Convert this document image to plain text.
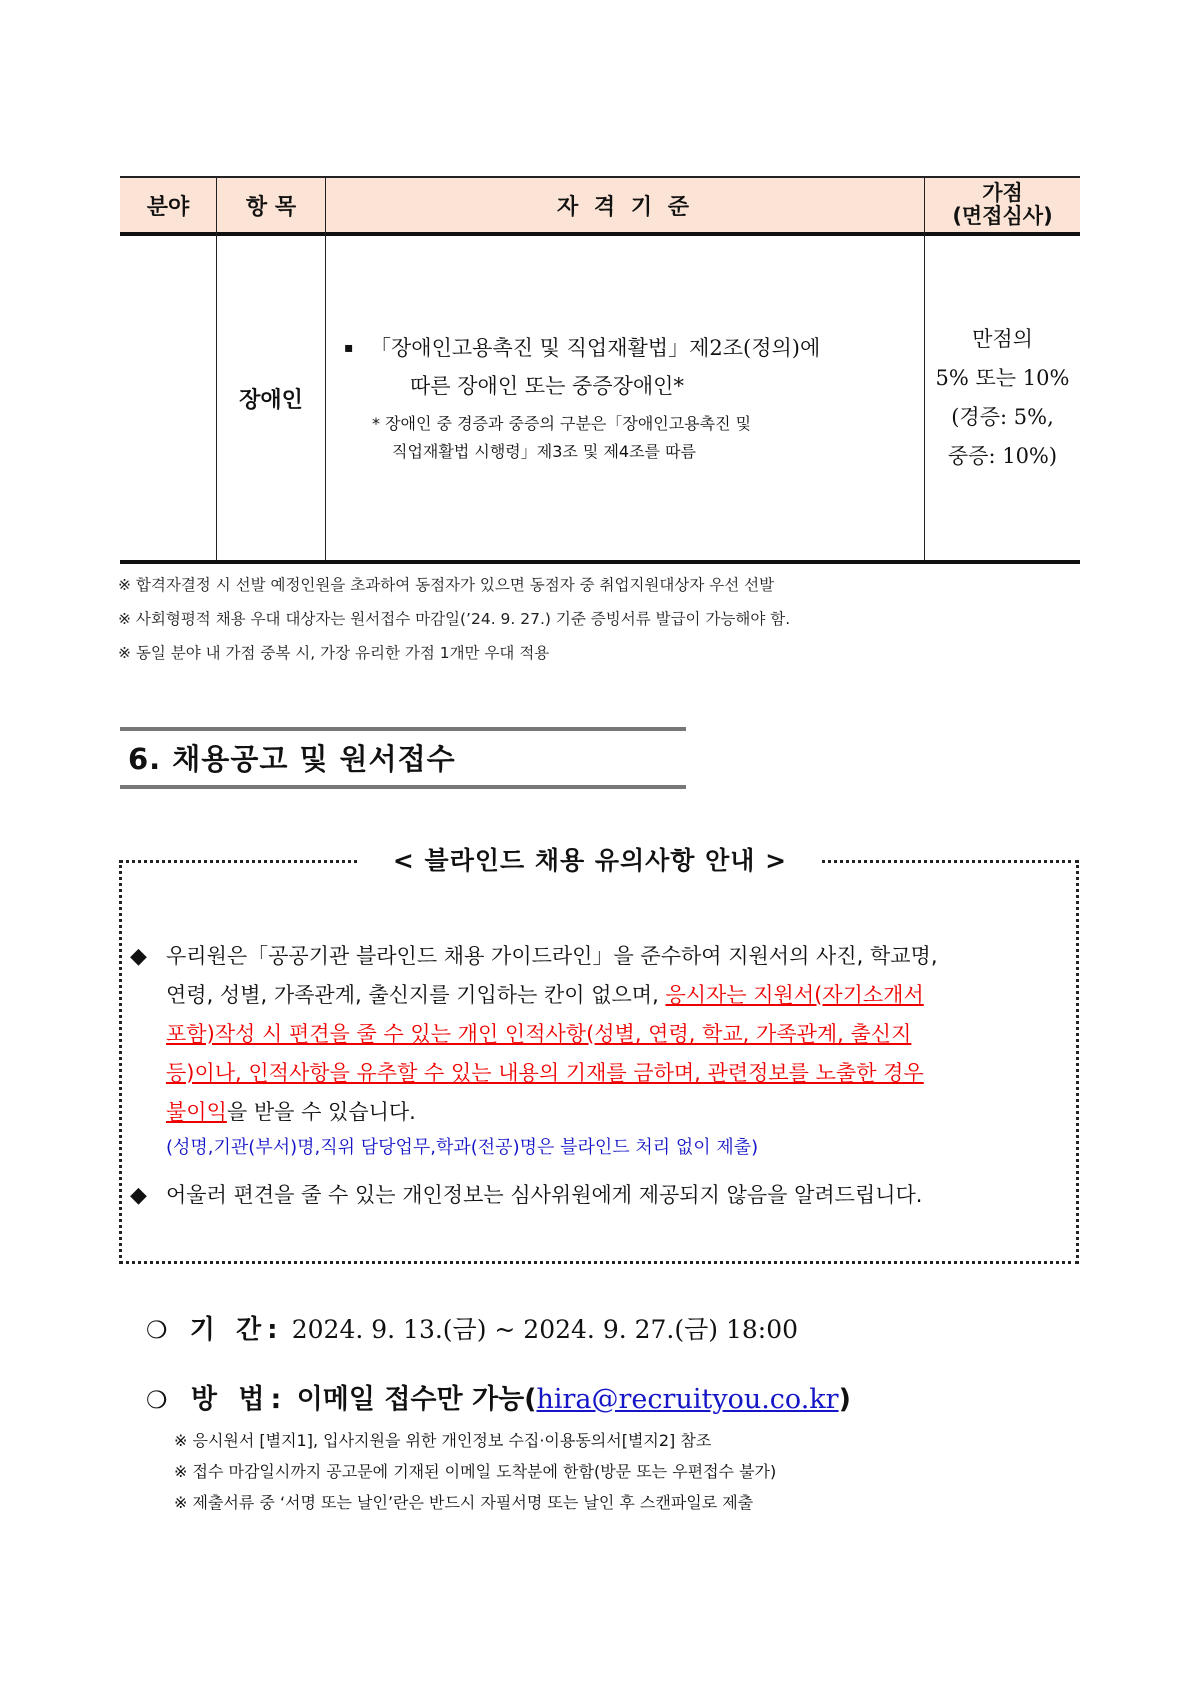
분야	항 목	자 격 기 준
가점
(면접심사)
장애인
▪ 「장애인고용촉진 및 직업재활법」제2조(정의)에
따른 장애인 또는 중증장애인*
* 장애인 중 경증과 중증의 구분은「장애인고용촉진 및
직업재활법 시행령」제3조 및 제4조를 따름
만점의
5% 또는 10%
(경증: 5%,
중증: 10%)
※ 합격자결정 시 선발 예정인원을 초과하여 동점자가 있으면 동점자 중 취업지원대상자 우선 선발
※ 사회형평적 채용 우대 대상자는 원서접수 마감일(’24. 9. 27.) 기준 증빙서류 발급이 가능해야 함.
※ 동일 분야 내 가점 중복 시, 가장 유리한 가점 1개만 우대 적용
6. 채용공고 및 원서접수
< 블라인드 채용 유의사항 안내 >
◆ 우리원은「공공기관 블라인드 채용 가이드라인」을 준수하여 지원서의 사진, 학교명,
연령, 성별, 가족관계, 출신지를 기입하는 칸이 없으며, 응시자는 지원서(자기소개서
포함)작성 시 편견을 줄 수 있는 개인 인적사항(성별, 연령, 학교, 가족관계, 출신지
등)이나, 인적사항을 유추할 수 있는 내용의 기재를 금하며, 관련정보를 노출한 경우
불이익을 받을 수 있습니다.
(성명,기관(부서)명,직위 담당업무,학과(전공)명은 블라인드 처리 없이 제출)
◆ 어울러 편견을 줄 수 있는 개인정보는 심사위원에게 제공되지 않음을 알려드립니다.
❍ 기 간: 2024. 9. 13.(금) ~ 2024. 9. 27.(금) 18:00
❍ 방 법: 이메일 접수만 가능(hira@recruityou.co.kr)
※ 응시원서 [별지1], 입사지원을 위한 개인정보 수집·이용동의서[별지2] 참조
※ 접수 마감일시까지 공고문에 기재된 이메일 도착분에 한함(방문 또는 우편접수 불가)
※ 제출서류 중 ‘서명 또는 날인’란은 반드시 자필서명 또는 날인 후 스캔파일로 제출
